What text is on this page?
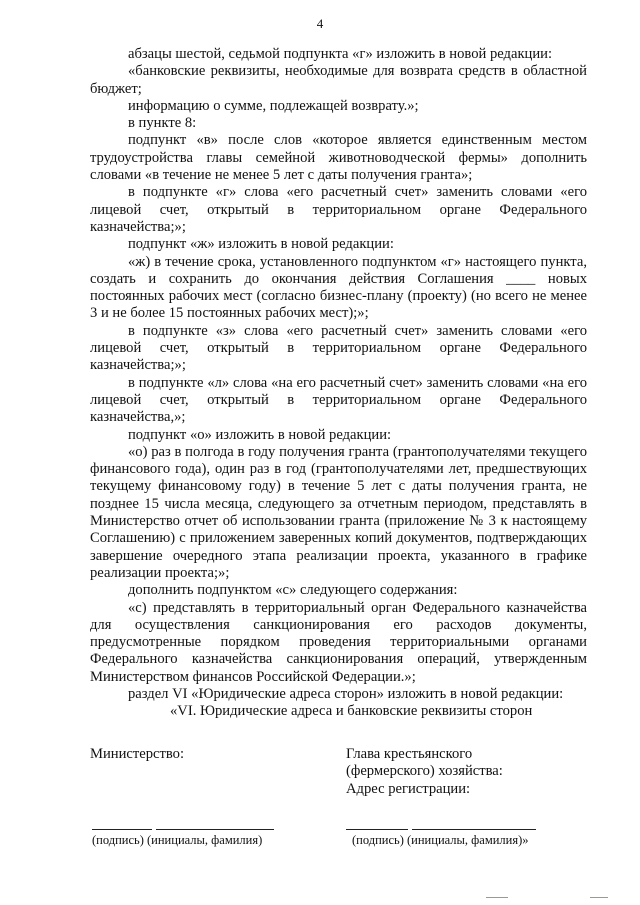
4

абзацы шестой, седьмой подпункта «г» изложить в новой редакции:

«банковские реквизиты, необходимые для возврата средств в областной бюджет;

информацию о сумме, подлежащей возврату.»;

в пункте 8:

подпункт «в» после слов «которое является единственным местом трудоустройства главы семейной животноводческой фермы» дополнить словами «в течение не менее 5 лет с даты получения гранта»;

в подпункте «г» слова «его расчетный счет» заменить словами «его лицевой счет, открытый в территориальном органе Федерального казначейства;»;

подпункт «ж» изложить в новой редакции:

«ж) в течение срока, установленного подпунктом «г» настоящего пункта, создать и сохранить до окончания действия Соглашения ____ новых постоянных рабочих мест (согласно бизнес-плану (проекту) (но всего не менее 3 и не более 15 постоянных рабочих мест);»;

в подпункте «з» слова «его расчетный счет» заменить словами «его лицевой счет, открытый в территориальном органе Федерального казначейства;»;

в подпункте «л» слова «на его расчетный счет» заменить словами «на его лицевой счет, открытый в территориальном органе Федерального казначейства,»;

подпункт «о» изложить в новой редакции:

«о) раз в полгода в году получения гранта (грантополучателями текущего финансового года), один раз в год (грантополучателями лет, предшествующих текущему финансовому году) в течение 5 лет с даты получения гранта, не позднее 15 числа месяца, следующего за отчетным периодом, представлять в Министерство отчет об использовании гранта (приложение № 3 к настоящему Соглашению) с приложением заверенных копий документов, подтверждающих завершение очередного этапа реализации проекта, указанного в графике реализации проекта;»;

дополнить подпунктом «с» следующего содержания:

«с) представлять в территориальный орган Федерального казначейства для осуществления санкционирования его расходов документы, предусмотренные порядком проведения территориальными органами Федерального казначейства санкционирования операций, утвержденным Министерством финансов Российской Федерации.»;

раздел VI «Юридические адреса сторон» изложить в новой редакции:

«VI. Юридические адреса и банковские реквизиты сторон

Министерство:	Глава крестьянского
(фермерского) хозяйства:
Адрес регистрации:
(подпись) (инициалы, фамилия)	(подпись) (инициалы, фамилия)»
